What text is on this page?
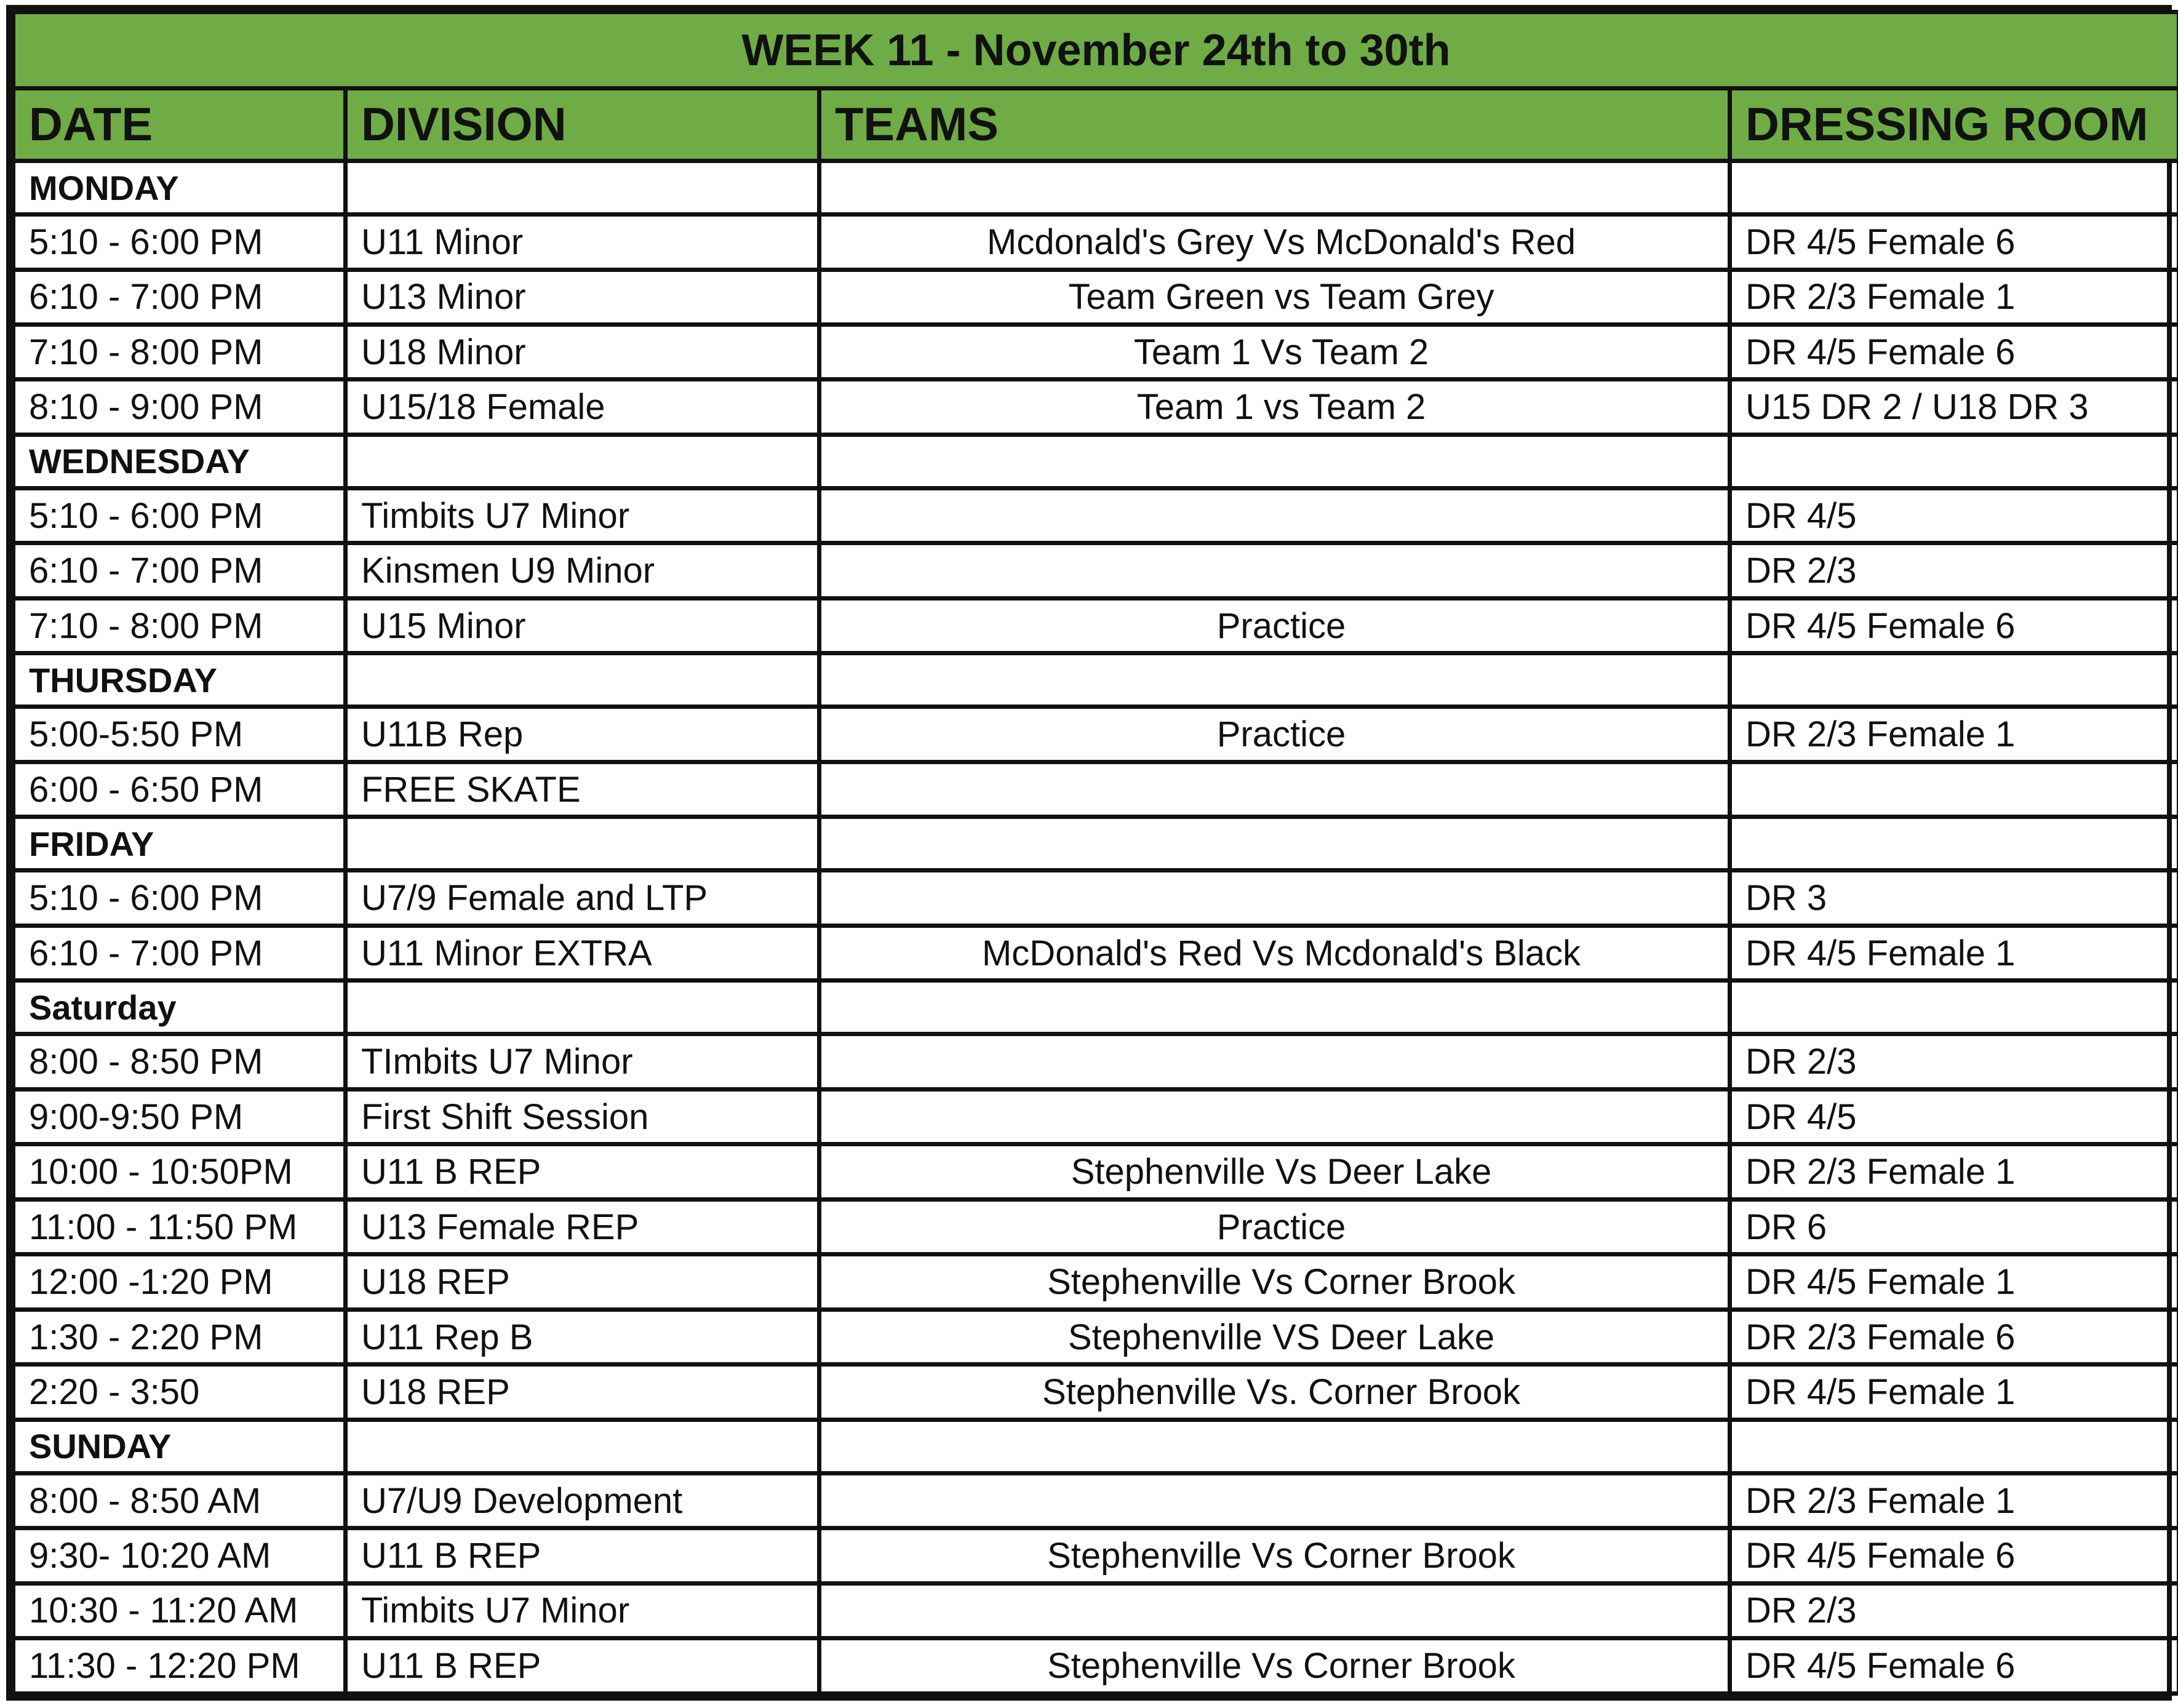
WEEK 11 - November 24th to 30th			
DATE	DIVISION	TEAMS	DRESSING ROOM
MONDAY			
5:10 - 6:00 PM	U11 Minor	Mcdonald's Grey Vs McDonald's Red	DR 4/5 Female 6
6:10 - 7:00 PM	U13 Minor	Team Green vs Team Grey	DR 2/3 Female 1
7:10 - 8:00 PM	U18 Minor	Team 1 Vs Team 2	DR 4/5 Female 6
8:10 - 9:00 PM	U15/18 Female	Team 1 vs Team 2	U15 DR 2 / U18 DR 3
WEDNESDAY			
5:10 - 6:00 PM	Timbits U7 Minor		DR 4/5
6:10 - 7:00 PM	Kinsmen U9 Minor		DR 2/3
7:10 - 8:00 PM	U15 Minor	Practice	DR 4/5 Female 6
THURSDAY			
5:00-5:50 PM	U11B Rep	Practice	DR 2/3 Female 1
6:00 - 6:50 PM	FREE SKATE		
FRIDAY			
5:10 - 6:00 PM	U7/9 Female and LTP		DR 3
6:10 - 7:00 PM	U11 Minor EXTRA	McDonald's Red Vs Mcdonald's Black	DR 4/5 Female 1
Saturday			
8:00 - 8:50 PM	TImbits U7 Minor		DR 2/3
9:00-9:50 PM	First Shift Session		DR 4/5
10:00 - 10:50PM	U11 B REP	Stephenville Vs Deer Lake	DR 2/3 Female 1
11:00 - 11:50 PM	U13 Female REP	Practice	DR 6
12:00 -1:20 PM	U18 REP	Stephenville Vs Corner Brook	DR 4/5 Female 1
1:30 - 2:20 PM	U11 Rep B	Stephenville VS Deer Lake	DR 2/3 Female 6
2:20 - 3:50	U18 REP	Stephenville Vs. Corner Brook	DR 4/5 Female 1
SUNDAY			
8:00 - 8:50 AM	U7/U9 Development		DR 2/3 Female 1
9:30- 10:20 AM	U11 B REP	Stephenville Vs Corner Brook	DR 4/5 Female 6
10:30 - 11:20 AM	Timbits U7 Minor		DR 2/3
11:30 - 12:20 PM	U11 B REP	Stephenville Vs Corner Brook	DR 4/5 Female 6
